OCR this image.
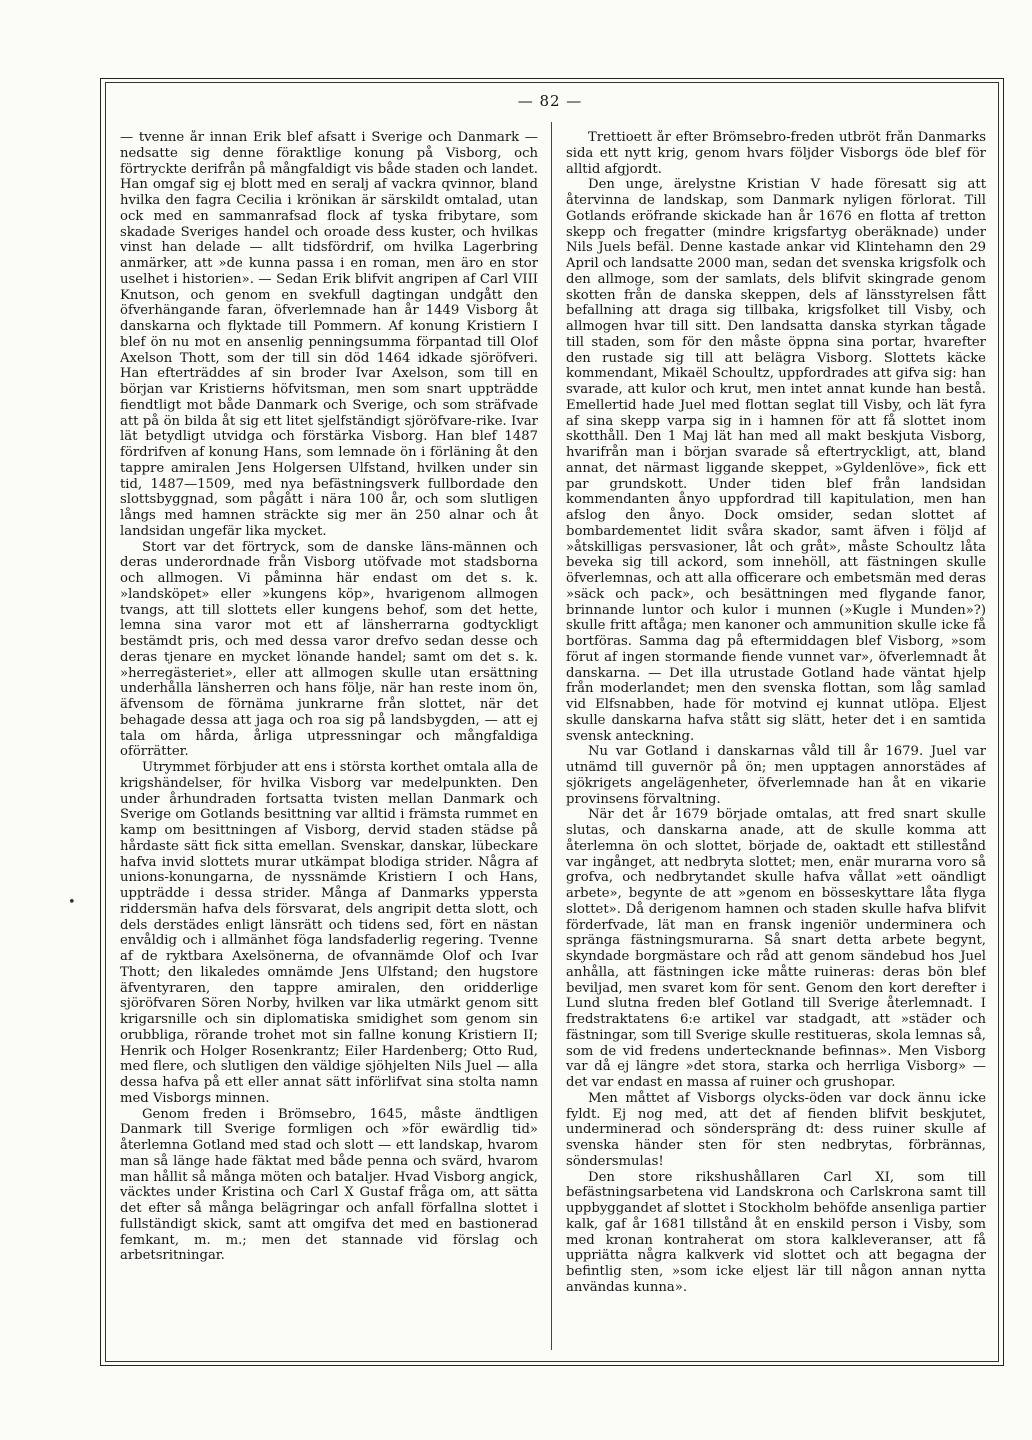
— 82 —
•

— tvenne år innan Erik blef afsatt i Sverige och Danmark — nedsatte sig denne föraktlige konung på Visborg, och förtryckte derifrån på mångfaldigt vis både staden och landet. Han omgaf sig ej blott med en seralj af vackra qvinnor, bland hvilka den fagra Cecilia i krönikan är särskildt omtalad, utan ock med en sammanrafsad flock af tyska fribytare, som skadade Sveriges handel och oroade dess kuster, och hvilkas vinst han delade — allt tidsfördrif, om hvilka Lagerbring anmärker, att »de kunna passa i en roman, men äro en stor uselhet i historien». — Sedan Erik blifvit angripen af Carl VIII Knutson, och genom en svekfull dagtingan undgått den öfverhängande faran, öfverlemnade han år 1449 Visborg åt danskarna och flyktade till Pommern. Af konung Kristiern I blef ön nu mot en ansenlig penningsumma förpantad till Olof Axelson Thott, som der till sin död 1464 idkade sjöröfveri. Han efterträddes af sin broder Ivar Axelson, som till en början var Kristierns höfvitsman, men som snart uppträdde fiendtligt mot både Danmark och Sverige, och som sträfvade att på ön bilda åt sig ett litet sjelfständigt sjöröfvare-rike. Ivar lät betydligt utvidga och förstärka Visborg. Han blef 1487 fördrifven af konung Hans, som lemnade ön i förläning åt den tappre amiralen Jens Holgersen Ulfstand, hvilken under sin tid, 1487—1509, med nya befästningsverk fullbordade den slottsbyggnad, som pågått i nära 100 år, och som slutligen långs med hamnen sträckte sig mer än 250 alnar och åt landsidan ungefär lika mycket.

Stort var det förtryck, som de danske läns-männen och deras underordnade från Visborg utöfvade mot stadsborna och allmogen. Vi påminna här endast om det s. k. »landsköpet» eller »kungens köp», hvarigenom allmogen tvangs, att till slottets eller kungens behof, som det hette, lemna sina varor mot ett af länsherrarna godtyckligt bestämdt pris, och med dessa varor drefvo sedan desse och deras tjenare en mycket lönande handel; samt om det s. k. »herregästeriet», eller att allmogen skulle utan ersättning underhålla länsherren och hans följe, när han reste inom ön, äfvensom de förnäma junkrarne från slottet, när det behagade dessa att jaga och roa sig på landsbygden, — att ej tala om hårda, årliga utpressningar och mångfaldiga oförrätter.

Utrymmet förbjuder att ens i största korthet omtala alla de krigshändelser, för hvilka Visborg var medelpunkten. Den under århundraden fortsatta tvisten mellan Danmark och Sverige om Gotlands besittning var alltid i främsta rummet en kamp om besittningen af Visborg, dervid staden städse på hårdaste sätt fick sitta emellan. Svenskar, danskar, lübeckare hafva invid slottets murar utkämpat blodiga strider. Några af unions-konungarna, de nyssnämde Kristiern I och Hans, uppträdde i dessa strider. Många af Danmarks yppersta riddersmän hafva dels försvarat, dels angripit detta slott, och dels derstädes enligt länsrätt och tidens sed, fört en nästan envåldig och i allmänhet föga landsfaderlig regering. Tvenne af de ryktbara Axelsönerna, de ofvannämde Olof och Ivar Thott; den likaledes omnämde Jens Ulfstand; den hugstore äfventyraren, den tappre amiralen, den oridderlige sjöröfvaren Sören Norby, hvilken var lika utmärkt genom sitt krigarsnille och sin diplomatiska smidighet som genom sin orubbliga, rörande trohet mot sin fallne konung Kristiern II; Henrik och Holger Rosenkrantz; Eiler Hardenberg; Otto Rud, med flere, och slutligen den väldige sjöhjelten Nils Juel — alla dessa hafva på ett eller annat sätt införlifvat sina stolta namn med Visborgs minnen.

Genom freden i Brömsebro, 1645, måste ändtligen Danmark till Sverige formligen och »för ewärdlig tid» återlemna Gotland med stad och slott — ett landskap, hvarom man så länge hade fäktat med både penna och svärd, hvarom man hållit så många möten och bataljer. Hvad Visborg angick, väcktes under Kristina och Carl X Gustaf fråga om, att sätta det efter så många belägringar och anfall förfallna slottet i fullständigt skick, samt att omgifva det med en bastionerad femkant, m. m.; men det stannade vid förslag och arbetsritningar.

Trettioett år efter Brömsebro-freden utbröt från Danmarks sida ett nytt krig, genom hvars följder Visborgs öde blef för alltid afgjordt.

Den unge, ärelystne Kristian V hade föresatt sig att återvinna de landskap, som Danmark nyligen förlorat. Till Gotlands eröfrande skickade han år 1676 en flotta af tretton skepp och fregatter (mindre krigsfartyg oberäknade) under Nils Juels befäl. Denne kastade ankar vid Klintehamn den 29 April och landsatte 2000 man, sedan det svenska krigsfolk och den allmoge, som der samlats, dels blifvit skingrade genom skotten från de danska skeppen, dels af länsstyrelsen fått befallning att draga sig tillbaka, krigsfolket till Visby, och allmogen hvar till sitt. Den landsatta danska styrkan tågade till staden, som för den måste öppna sina portar, hvarefter den rustade sig till att belägra Visborg. Slottets käcke kommendant, Mikaël Schoultz, uppfordrades att gifva sig: han svarade, att kulor och krut, men intet annat kunde han bestå. Emellertid hade Juel med flottan seglat till Visby, och lät fyra af sina skepp varpa sig in i hamnen för att få slottet inom skotthåll. Den 1 Maj lät han med all makt beskjuta Visborg, hvarifrån man i början svarade så eftertryckligt, att, bland annat, det närmast liggande skeppet, »Gyldenlöve», fick ett par grundskott. Under tiden blef från landsidan kommendanten ånyo uppfordrad till kapitulation, men han afslog den ånyo. Dock omsider, sedan slottet af bombardementet lidit svåra skador, samt äfven i följd af »åtskilligas persvasioner, låt och gråt», måste Schoultz låta beveka sig till ackord, som innehöll, att fästningen skulle öfverlemnas, och att alla officerare och embetsmän med deras »säck och pack», och besättningen med flygande fanor, brinnande luntor och kulor i munnen (»Kugle i Munden»?) skulle fritt aftåga; men kanoner och ammunition skulle icke få bortföras. Samma dag på eftermiddagen blef Visborg, »som förut af ingen stormande fiende vunnet var», öfverlemnadt åt danskarna. — Det illa utrustade Gotland hade väntat hjelp från moderlandet; men den svenska flottan, som låg samlad vid Elfsnabben, hade för motvind ej kunnat utlöpa. Eljest skulle danskarna hafva stått sig slätt, heter det i en samtida svensk anteckning.

Nu var Gotland i danskarnas våld till år 1679. Juel var utnämd till guvernör på ön; men upptagen annorstädes af sjökrigets angelägenheter, öfverlemnade han åt en vikarie provinsens förvaltning.

När det år 1679 började omtalas, att fred snart skulle slutas, och danskarna anade, att de skulle komma att återlemna ön och slottet, började de, oaktadt ett stillestånd var ingånget, att nedbryta slottet; men, enär murarna voro så grofva, och nedbrytandet skulle hafva vållat »ett oändligt arbete», begynte de att »genom en bösseskyttare låta flyga slottet». Då derigenom hamnen och staden skulle hafva blifvit förderfvade, lät man en fransk ingeniör underminera och spränga fästningsmurarna. Så snart detta arbete begynt, skyndade borgmästare och råd att genom sändebud hos Juel anhålla, att fästningen icke måtte ruineras: deras bön blef beviljad, men svaret kom för sent. Genom den kort derefter i Lund slutna freden blef Gotland till Sverige återlemnadt. I fredstraktatens 6:e artikel var stadgadt, att »städer och fästningar, som till Sverige skulle restitueras, skola lemnas så, som de vid fredens undertecknande befinnas». Men Visborg var då ej längre »det stora, starka och herrliga Visborg» — det var endast en massa af ruiner och grushopar.

Men måttet af Visborgs olycks-öden var dock ännu icke fyldt. Ej nog med, att det af fienden blifvit beskjutet, underminerad och sönderspräng dt: dess ruiner skulle af svenska händer sten för sten nedbrytas, förbrännas, söndersmulas!

Den store rikshushållaren Carl XI, som till befästningsarbetena vid Landskrona och Carlskrona samt till uppbyggandet af slottet i Stockholm behöfde ansenliga partier kalk, gaf år 1681 tillstånd åt en enskild person i Visby, som med kronan kontraherat om stora kalkleveranser, att få uppriätta några kalkverk vid slottet och att begagna der befintlig sten, »som icke eljest lär till någon annan nytta användas kunna».
